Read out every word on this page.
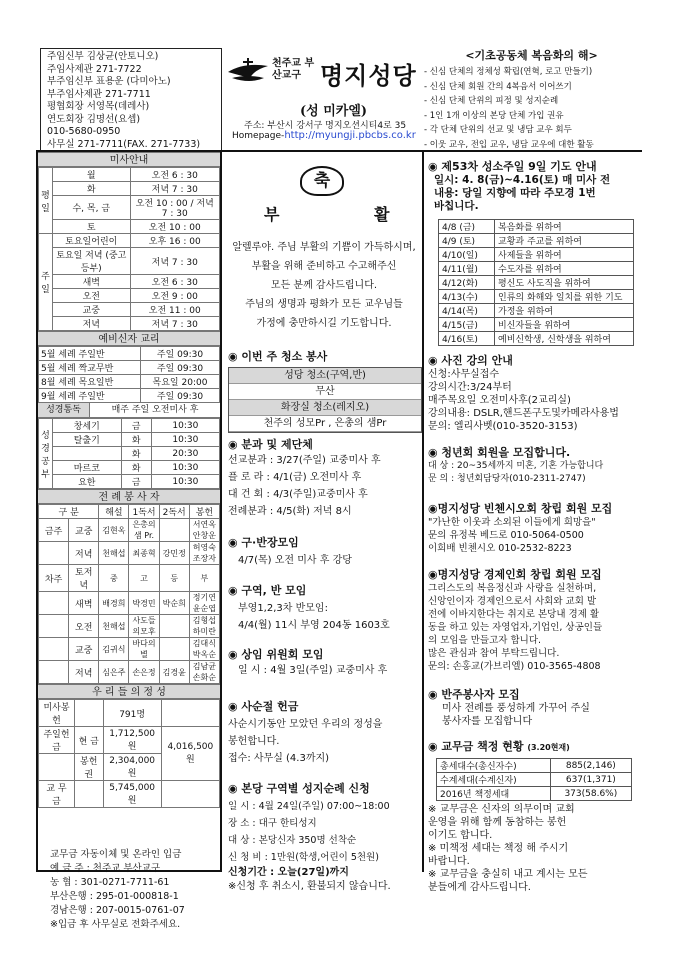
주임신부 김상균(안토니오)
주임사제관 271-7722
부주임신부 표용운 (다미아노)
부주임사제관 271-7711
평협회장 서영목(데레사)
연도회장 김명선(요셉)
010-5680-0950
사무실 271-7711(FAX. 271-7733)
천주교 부산교구 명지성당
(성 미카엘)
주소: 부산시 강서구 명지오션시티4로 35
Homepage-http://myungji.pbcbs.co.kr
<기초공동체 복음화의 해>
- 신심 단체의 정체성 확립(연혁, 로고 만들기)
- 신심 단체 회원 간의 4복음서 이어쓰기
- 신심 단체 단위의 피정 및 성지순례
- 1인 1개 이상의 본당 단체 가입 권유
- 각 단체 단위의 선교 및 냉담 교우 회두
- 이웃 교우, 전입 교우, 냉담 교우에 대한 활동
미사안내
평일	월	오전 6 : 30
	화	저녁 7 : 30
	수, 목, 금	오전 10 : 00 / 저녁 7 : 30
	토	오전 10 : 00
주일	토요일어린이	오후 16 : 00
	토요일 저녁 (중고등부)	저녁 7 : 30
	새벽	오전 6 : 30
	오전	오전 9 : 00
	교중	오전 11 : 00
	저녁	저녁 7 : 30
예비신자 교리
5월 세례 주일반	주일 09:30
5월 세례 짝교무반	주일 09:30
8월 세례 목요일반	목요일 20:00
9월 세례 주일반	주일 09:30
성경통독	매주 주일 오전미사 후
성경공부	창세기	금	10:30
	탈출기	화	10:30
		화	20:30
	마르코	화	10:30
	요한	금	10:30
전 례 봉 사 자
구 분		해설	1독서	2독서	봉헌
금주	교중	김현옥	은총의 샘 Pr.		서연옥 안창운
	저녁	천해섭	최종혁	강민정	허영숙 조장자
차주	토저녁	중	고	등	부
	새벽	배경희	박경민	박순희	정기연 윤순엽
	오전	천해섭	사도들의모후		김형섭 하미란
	교중	김귀식	바다의 별		김대식 박옥순
	저녁	심은주	손은정	김경윤	김남균 손화순
우 리 들 의 정 성
미사봉헌		791명	
주일헌금	현 금	1,712,500원	4,016,500원
	봉헌권	2,304,000원	
교 무 금		5,745,000원	
교무금 자동이체 및 온라인 입금
예 금 주 : 천주교 부산교구
농 협 : 301-0271-7711-61
부산은행 : 295-01-000818-1
경남은행 : 207-0015-0761-07
※입금 후 사무실로 전화주세요.
축
부	활
알렐루야. 주님 부활의 기쁨이 가득하시며,
부활을 위해 준비하고 수고해주신
모든 분께 감사드립니다.
주님의 생명과 평화가 모든 교우님들
가정에 충만하시길 기도합니다.
◉ 이번 주 청소 봉사
성당 청소(구역,반)
무산
화장실 청소(레지오)
천주의 성모Pr , 은총의 샘Pr
◉ 분과 및 제단체
선교분과 : 3/27(주일) 교중미사 후
플 로 라 : 4/1(금) 오전미사 후
대 건 회 : 4/3(주일)교중미사 후
전례분과 : 4/5(화) 저녁 8시
◉ 구·반장모임
4/7(목) 오전 미사 후 강당
◉ 구역, 반 모임
부영1,2,3차 반모임:
4/4(월) 11시 부영 204동 1603호
◉ 상임 위원회 모임
일 시 : 4월 3일(주일) 교중미사 후
◉ 사순절 헌금
사순시기동안 모았던 우리의 정성을
봉헌합니다.
접수: 사무실 (4.3까지)
◉ 본당 구역별 성지순례 신청
일 시 : 4월 24일(주일) 07:00~18:00
장 소 : 대구 한티성지
대 상 : 본당신자 350명 선착순
신 청 비 : 1만원(학생,어린이 5천원)
신청기간 : 오늘(27일)까지
※신청 후 취소시, 환불되지 않습니다.
◉ 제53차 성소주일 9일 기도 안내
일시: 4. 8(금)~4.16(토) 매 미사 전
내용: 당일 지향에 따라 주모경 1번
바칩니다.
4/8 (금)	복음화를 위하여
4/9 (토)	교황과 주교를 위하여
4/10(일)	사제들을 위하여
4/11(월)	수도자를 위하여
4/12(화)	평신도 사도직을 위하여
4/13(수)	인류의 화해와 일치를 위한 기도
4/14(목)	가정을 위하여
4/15(금)	비신자들을 위하여
4/16(토)	예비신학생, 신학생을 위하여
◉ 사진 강의 안내
신청:사무실접수
강의시간:3/24부터
매주목요일 오전미사후(2교리실)
강의내용: DSLR,핸드폰구도및카메라사용법
문의: 엘리사벳(010-3520-3153)
◉ 청년회 회원을 모집합니다.
대 상 : 20~35세까지 미혼, 기혼 가능합니다
문 의 : 청년회담당자(010-2311-2747)
◉명지성당 빈첸시오회 창립 회원 모집
"가난한 이웃과 소외된 이들에게 희망을"
문의 유정복 베드로 010-5064-0500
이희배 빈첸시오 010-2532-8223
◉명지성당 경제인회 창립 회원 모집
그리스도의 복음정신과 사랑을 실천하며,
신앙인이자 경제인으로서 사회와 교회 발
전에 이바지한다는 취지로 본당내 경제 활
동을 하고 있는 자영업자,기업인, 상공인들
의 모임을 만들고자 합니다.
많은 관심과 참여 부탁드립니다.
문의: 손홍교(가브리엘) 010-3565-4808
◉ 반주봉사자 모집
미사 전례를 풍성하게 가꾸어 주실
봉사자를 모집합니다
◉ 교무금 책정 현황 (3.20현재)
총세대수(총신자수)	885(2,146)
수계세대(수계신자)	637(1,371)
2016년 책정세대	373(58.6%)
※ 교무금은 신자의 의무이며 교회
운영을 위해 함께 동참하는 봉헌
이기도 합니다.
※ 미책정 세대는 책정 해 주시기
바랍니다.
※ 교무금을 충실히 내고 계시는 모든
분들에게 감사드립니다.
